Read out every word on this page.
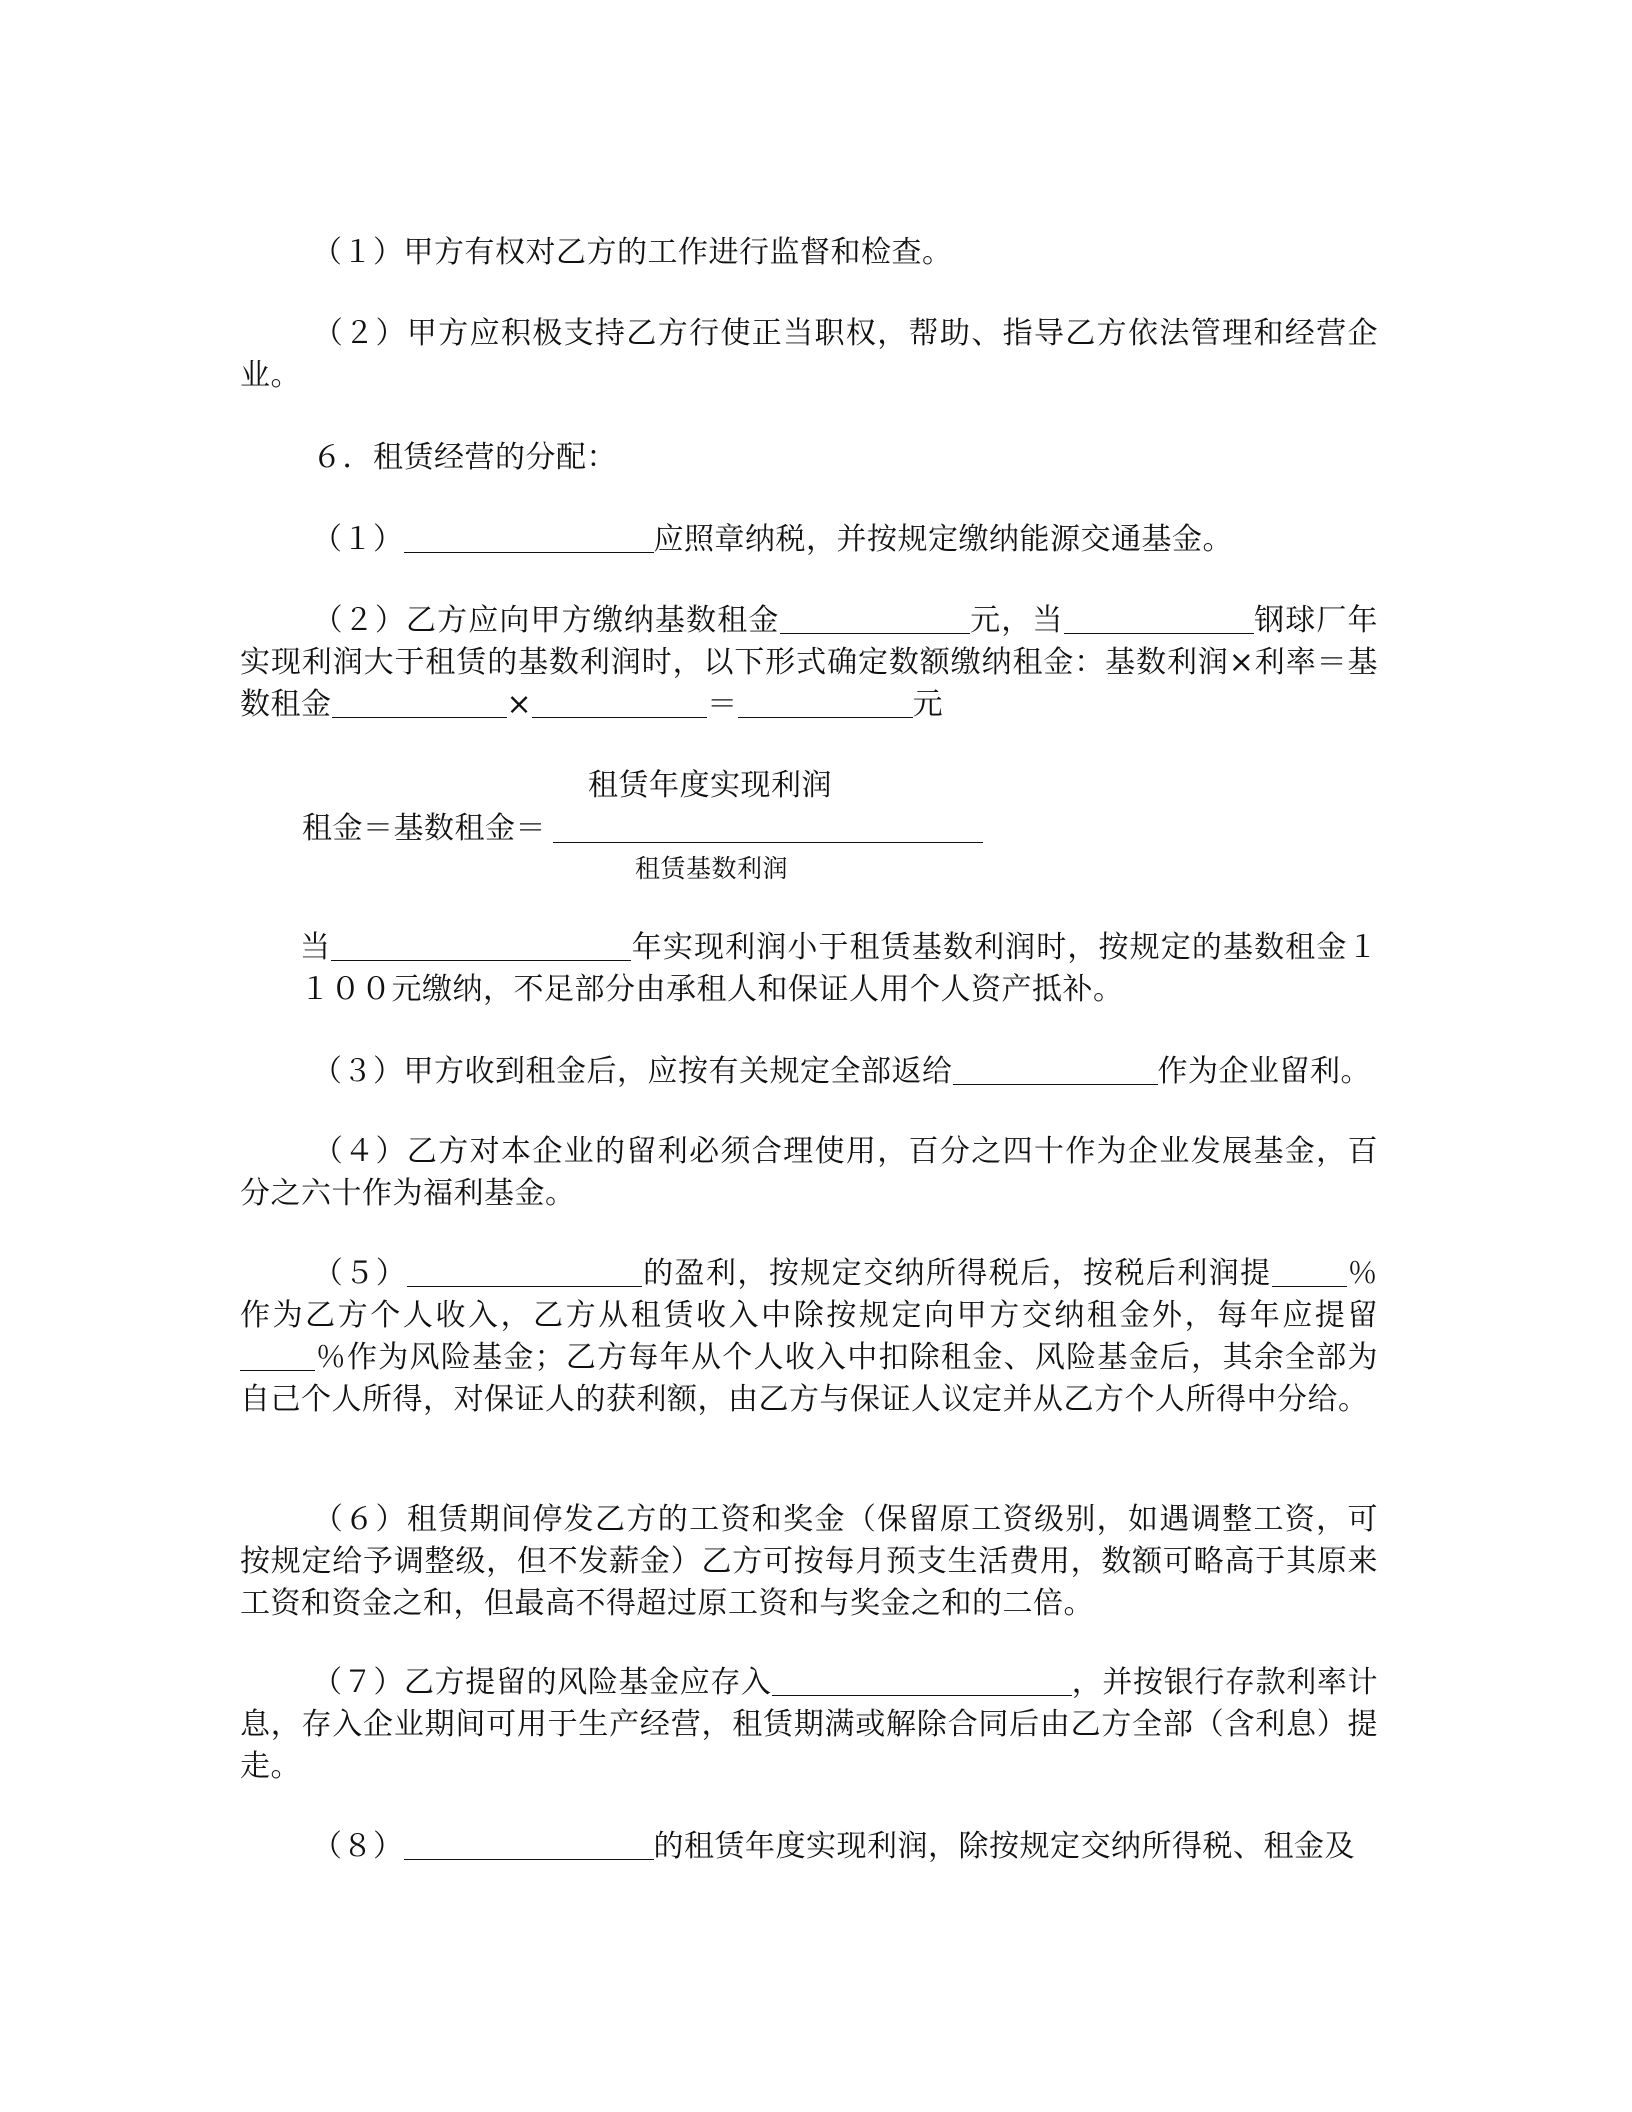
（１）甲方有权对乙方的工作进行监督和检查。
（２）甲方应积极支持乙方行使正当职权，帮助、指导乙方依法管理和经营企业。
６．租赁经营的分配：
（１）	应照章纳税，并按规定缴纳能源交通基金。
（２）乙方应向甲方缴纳基数租金	元，当	钢球厂年实现利润大于租赁的基数利润时，以下形式确定数额缴纳租金：基数利润×利率＝基数租金	×	＝	元
租赁年度实现利润
租金＝基数租金＝
租赁基数利润
当	年实现利润小于租赁基数利润时，按规定的基数租金１１００元缴纳，不足部分由承租人和保证人用个人资产抵补。
（３）甲方收到租金后，应按有关规定全部返给	作为企业留利。
（４）乙方对本企业的留利必须合理使用，百分之四十作为企业发展基金，百分之六十作为福利基金。
（５）	的盈利，按规定交纳所得税后，按税后利润提	％作为乙方个人收入，乙方从租赁收入中除按规定向甲方交纳租金外，每年应提留％作为风险基金；乙方每年从个人收入中扣除租金、风险基金后，其余全部为自己个人所得，对保证人的获利额，由乙方与保证人议定并从乙方个人所得中分给。
（６）租赁期间停发乙方的工资和奖金（保留原工资级别，如遇调整工资，可按规定给予调整级，但不发薪金）乙方可按每月预支生活费用，数额可略高于其原来工资和资金之和，但最高不得超过原工资和与奖金之和的二倍。
（７）乙方提留的风险基金应存入	，并按银行存款利率计息，存入企业期间可用于生产经营，租赁期满或解除合同后由乙方全部（含利息）提走。
（８）	的租赁年度实现利润，除按规定交纳所得税、租金及
